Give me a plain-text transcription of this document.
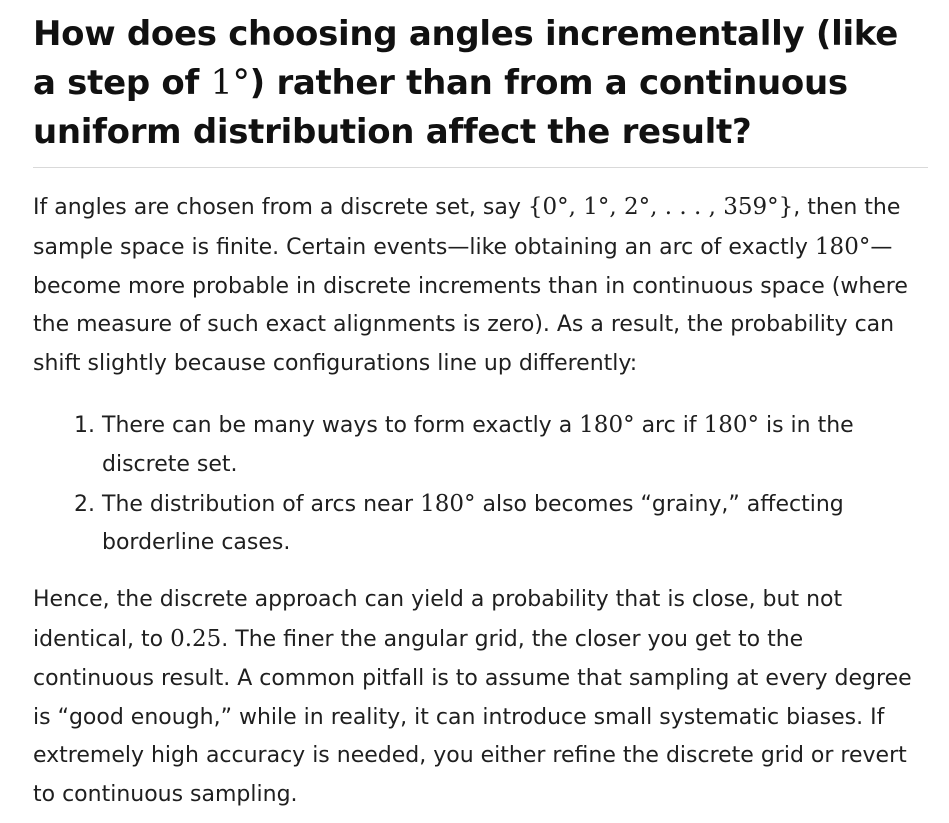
How does choosing angles incrementally (like a step of 1°) rather than from a continuous uniform distribution affect the result?

If angles are chosen from a discrete set, say {0°, 1°, 2°, . . . , 359°}, then the sample space is finite. Certain events—like obtaining an arc of exactly 180°—become more probable in discrete increments than in continuous space (where the measure of such exact alignments is zero). As a result, the probability can shift slightly because configurations line up differently:

1. There can be many ways to form exactly a 180° arc if 180° is in the discrete set.
2. The distribution of arcs near 180° also becomes “grainy,” affecting borderline cases.

Hence, the discrete approach can yield a probability that is close, but not identical, to 0.25. The finer the angular grid, the closer you get to the continuous result. A common pitfall is to assume that sampling at every degree is “good enough,” while in reality, it can introduce small systematic biases. If extremely high accuracy is needed, you either refine the discrete grid or revert to continuous sampling.
